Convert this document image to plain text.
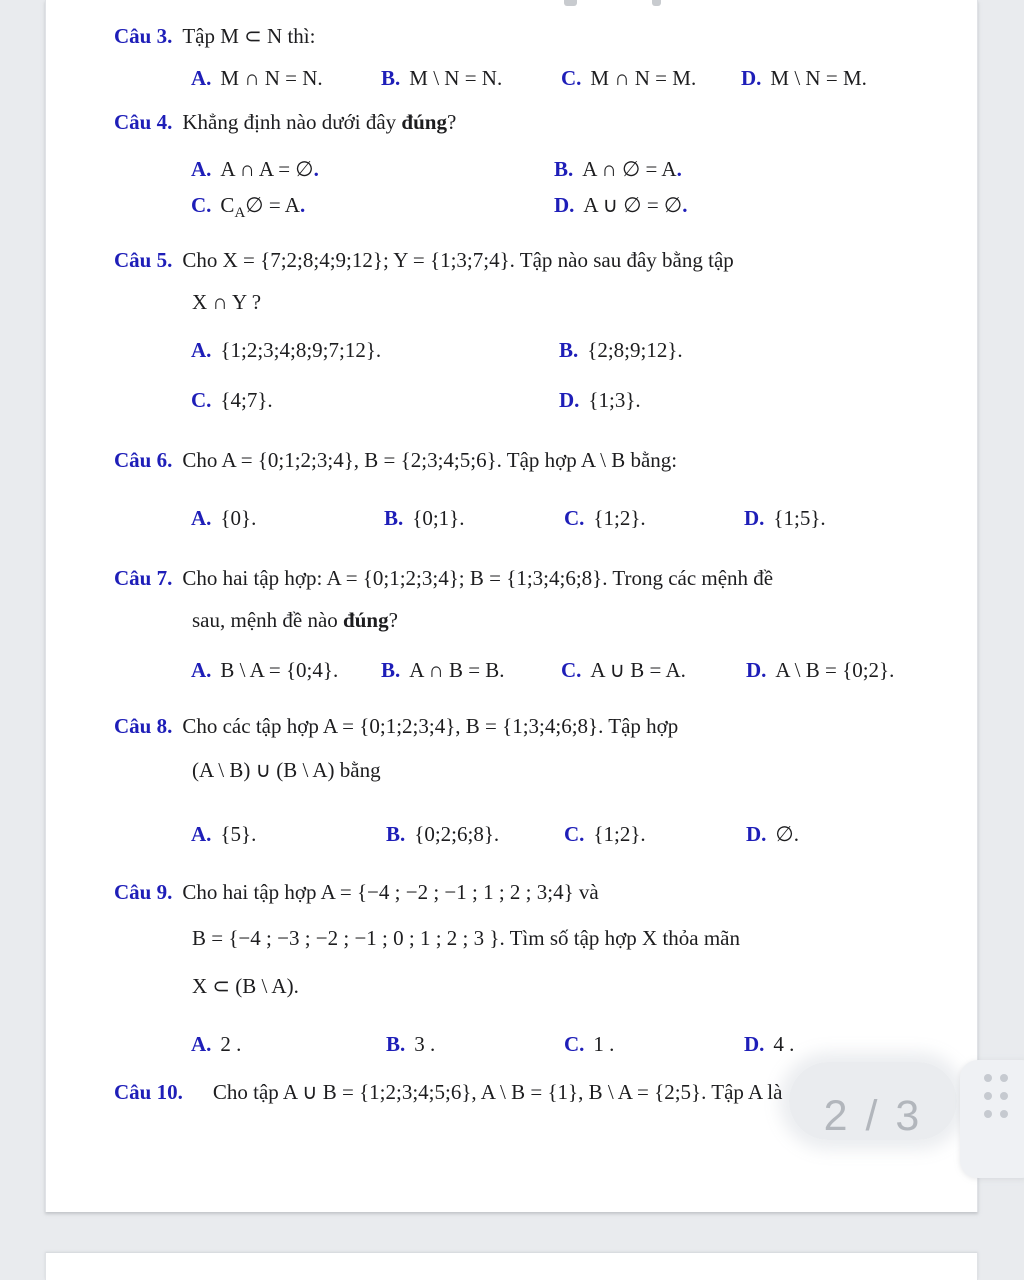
2 / 3
Câu 3. Tập M ⊂ N thì:
A. M ∩ N = N.	B. M \ N = N.	C. M ∩ N = M. D. M \ N = M.
Câu 4. Khẳng định nào dưới đây đúng?
A. A ∩ A = ∅.	B. A ∩ ∅ = A.
C. $C_A\emptyset = A$.	D. A ∪ ∅ = ∅.
Câu 5. Cho X = {7;2;8;4;9;12}; Y = {1;3;7;4}. Tập nào sau đây bằng tập
X ∩ Y ?
A. {1;2;3;4;8;9;7;12}.	B. {2;8;9;12}.
C. {4;7}.	D. {1;3}.
Câu 6. Cho A = {0;1;2;3;4}, B = {2;3;4;5;6}. Tập hợp A \ B bằng:
A. {0}.	B. {0;1}.	C. {1;2}.	D. {1;5}.
Câu 7. Cho hai tập hợp: A = {0;1;2;3;4}; B = {1;3;4;6;8}. Trong các mệnh đề
sau, mệnh đề nào đúng?
A. B \ A = {0;4}. B. A ∩ B = B.	C. A ∪ B = A.	D. A \ B = {0;2}.
Câu 8. Cho các tập hợp A = {0;1;2;3;4}, B = {1;3;4;6;8}. Tập hợp
(A \ B) ∪ (B \ A) bằng
A. {5}.	B. {0;2;6;8}.	C. {1;2}.	D. ∅.
Câu 9. Cho hai tập hợp A = {−4 ; −2 ; −1 ; 1 ; 2 ; 3;4} và
B = {−4 ; −3 ; −2 ; −1 ; 0 ; 1 ; 2 ; 3 }. Tìm số tập hợp X thỏa mãn
X ⊂ (B \ A).
A. 2 .	B. 3 .	C. 1 .	D. 4 .
Câu 10. Cho tập A ∪ B = {1;2;3;4;5;6}, A \ B = {1}, B \ A = {2;5}. Tập A là
